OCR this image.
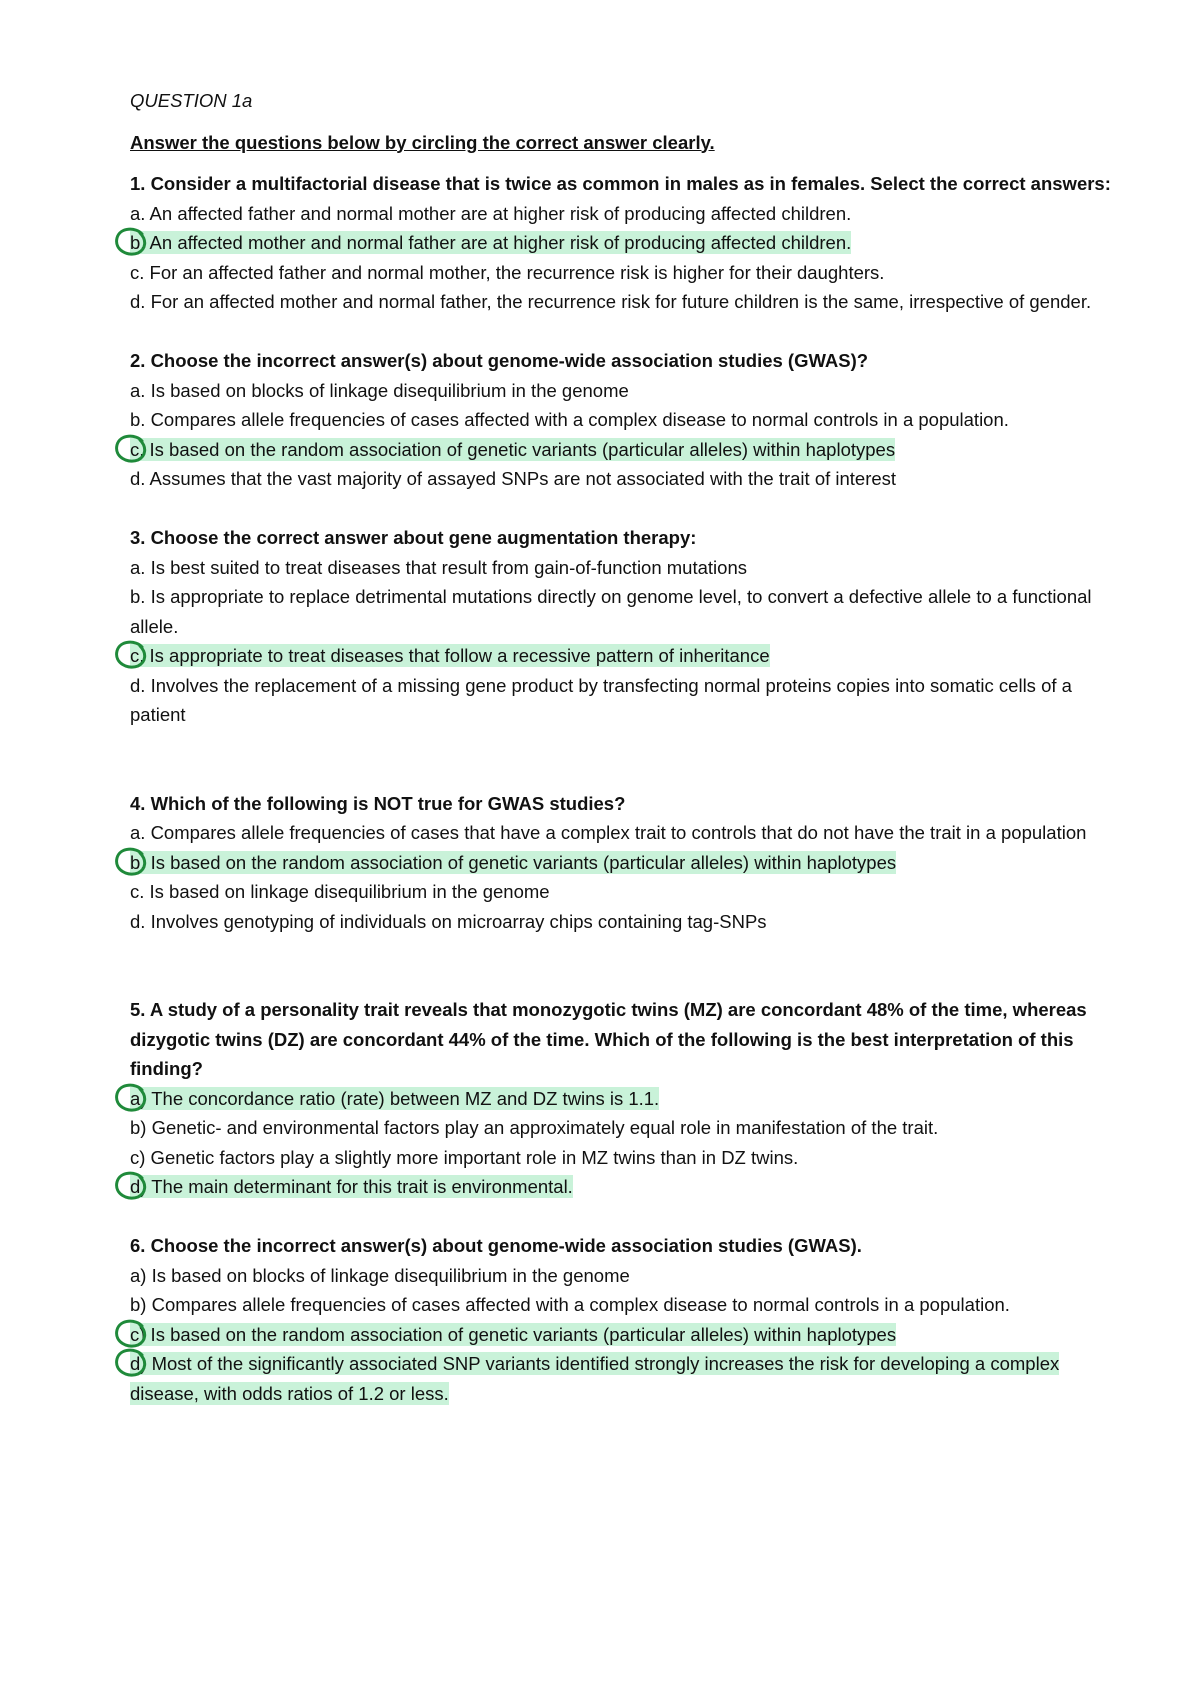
QUESTION 1a
Answer the questions below by circling the correct answer clearly.
1. Consider a multifactorial disease that is twice as common in males as in females. Select the correct answers:
a. An affected father and normal mother are at higher risk of producing affected children.
b. An affected mother and normal father are at higher risk of producing affected children.
c. For an affected father and normal mother, the recurrence risk is higher for their daughters.
d. For an affected mother and normal father, the recurrence risk for future children is the same, irrespective of gender.
2. Choose the incorrect answer(s) about genome-wide association studies (GWAS)?
a. Is based on blocks of linkage disequilibrium in the genome
b. Compares allele frequencies of cases affected with a complex disease to normal controls in a population.
c. Is based on the random association of genetic variants (particular alleles) within haplotypes
d. Assumes that the vast majority of assayed SNPs are not associated with the trait of interest
3. Choose the correct answer about gene augmentation therapy:
a. Is best suited to treat diseases that result from gain-of-function mutations
b. Is appropriate to replace detrimental mutations directly on genome level, to convert a defective allele to a functional allele.
c. Is appropriate to treat diseases that follow a recessive pattern of inheritance
d. Involves the replacement of a missing gene product by transfecting normal proteins copies into somatic cells of a patient
4. Which of the following is NOT true for GWAS studies?
a. Compares allele frequencies of cases that have a complex trait to controls that do not have the trait in a population
b. Is based on the random association of genetic variants (particular alleles) within haplotypes
c. Is based on linkage disequilibrium in the genome
d. Involves genotyping of individuals on microarray chips containing tag-SNPs
5. A study of a personality trait reveals that monozygotic twins (MZ) are concordant 48% of the time, whereas dizygotic twins (DZ) are concordant 44% of the time. Which of the following is the best interpretation of this finding?
a) The concordance ratio (rate) between MZ and DZ twins is 1.1.
b) Genetic- and environmental factors play an approximately equal role in manifestation of the trait.
c) Genetic factors play a slightly more important role in MZ twins than in DZ twins.
d) The main determinant for this trait is environmental.
6. Choose the incorrect answer(s) about genome-wide association studies (GWAS).
a) Is based on blocks of linkage disequilibrium in the genome
b) Compares allele frequencies of cases affected with a complex disease to normal controls in a population.
c) Is based on the random association of genetic variants (particular alleles) within haplotypes
d) Most of the significantly associated SNP variants identified strongly increases the risk for developing a complex disease, with odds ratios of 1.2 or less.
